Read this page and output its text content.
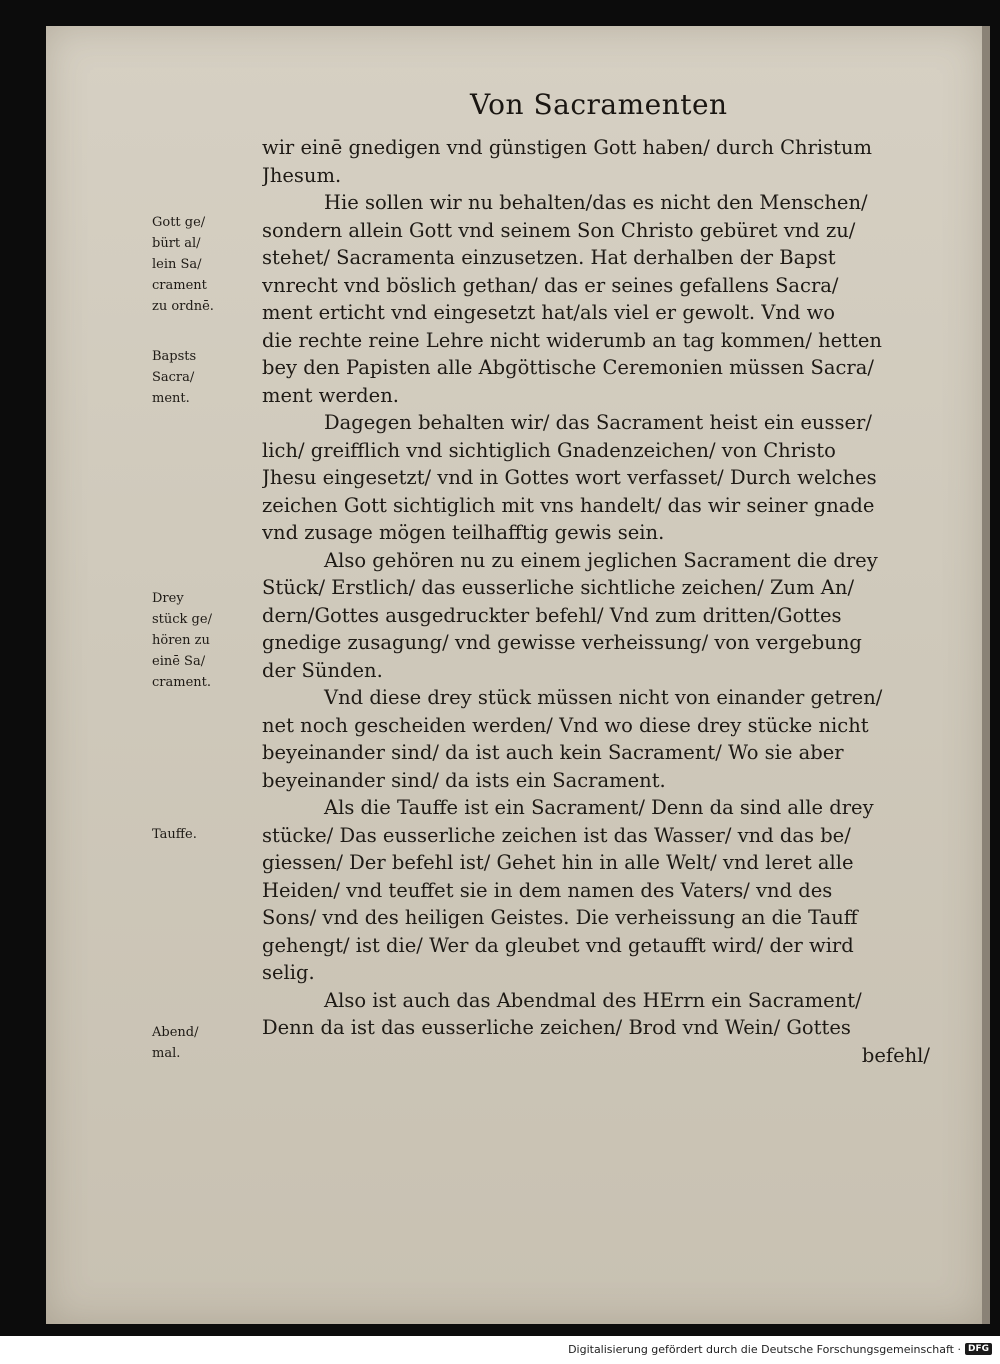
Von Sacramenten
wir einē gnedigen vnd günstigen Gott haben/ durch Christum
Jhesum.
Hie sollen wir nu behalten/das es nicht den Menschen/
sondern allein Gott vnd seinem Son Christo gebüret vnd zu/
stehet/ Sacramenta einzusetzen. Hat derhalben der Bapst
vnrecht vnd böslich gethan/ das er seines gefallens Sacra/
ment erticht vnd eingesetzt hat/als viel er gewolt. Vnd wo
die rechte reine Lehre nicht widerumb an tag kommen/ hetten
bey den Papisten alle Abgöttische Ceremonien müssen Sacra/
ment werden.
Dagegen behalten wir/ das Sacrament heist ein eusser/
lich/ greifflich vnd sichtiglich Gnadenzeichen/ von Christo
Jhesu eingesetzt/ vnd in Gottes wort verfasset/ Durch welches
zeichen Gott sichtiglich mit vns handelt/ das wir seiner gnade
vnd zusage mögen teilhafftig gewis sein.
Also gehören nu zu einem jeglichen Sacrament die drey
Stück/ Erstlich/ das eusserliche sichtliche zeichen/ Zum An/
dern/Gottes ausgedruckter befehl/ Vnd zum dritten/Gottes
gnedige zusagung/ vnd gewisse verheissung/ von vergebung
der Sünden.
Vnd diese drey stück müssen nicht von einander getren/
net noch gescheiden werden/ Vnd wo diese drey stücke nicht
beyeinander sind/ da ist auch kein Sacrament/ Wo sie aber
beyeinander sind/ da ists ein Sacrament.
Als die Tauffe ist ein Sacrament/ Denn da sind alle drey
stücke/ Das eusserliche zeichen ist das Wasser/ vnd das be/
giessen/ Der befehl ist/ Gehet hin in alle Welt/ vnd leret alle
Heiden/ vnd teuffet sie in dem namen des Vaters/ vnd des
Sons/ vnd des heiligen Geistes. Die verheissung an die Tauff
gehengt/ ist die/ Wer da gleubet vnd getaufft wird/ der wird
selig.
Also ist auch das Abendmal des HErrn ein Sacrament/
Denn da ist das eusserliche zeichen/ Brod vnd Wein/ Gottes
befehl/
Gott ge/
bürt al/
lein Sa/
crament
zu ordnē.
Bapsts
Sacra/
ment.
Drey
stück ge/
hören zu
einē Sa/
crament.
Tauffe.
Abend/
mal.
Digitalisierung gefördert durch die Deutsche Forschungsgemeinschaft · DFG
